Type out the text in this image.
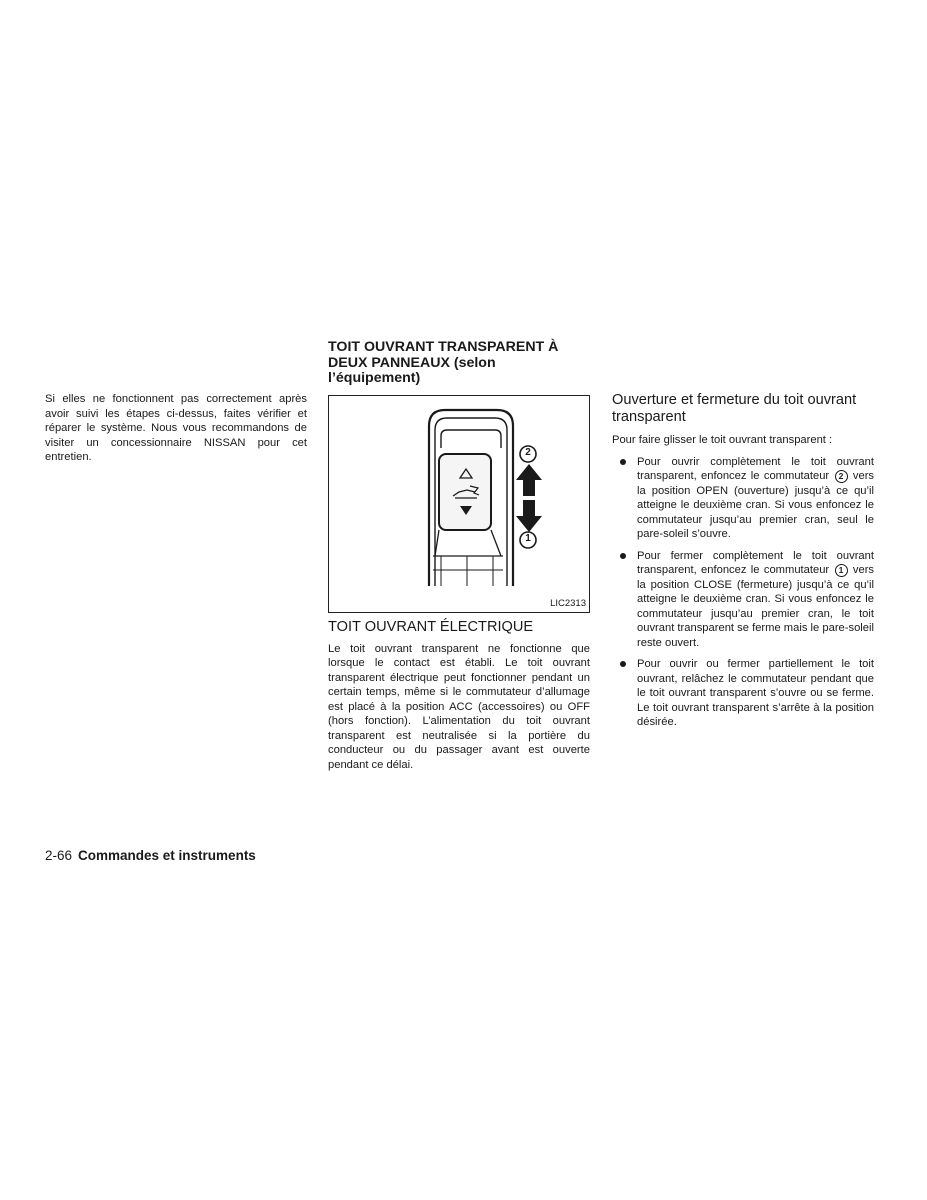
Si elles ne fonctionnent pas correctement après avoir suivi les étapes ci-dessus, faites vérifier et réparer le système. Nous vous recommandons de visiter un concessionnaire NISSAN pour cet entretien.

TOIT OUVRANT TRANSPARENT À
DEUX PANNEAUX (selon
l’équipement)
2
1
LIC2313
TOIT OUVRANT ÉLECTRIQUE

Le toit ouvrant transparent ne fonctionne que lorsque le contact est établi. Le toit ouvrant transparent électrique peut fonctionner pendant un certain temps, même si le commutateur d’allumage est placé à la position ACC (accessoires) ou OFF (hors fonction). L’alimentation du toit ouvrant transparent est neutralisée si la portière du conducteur ou du passager avant est ouverte pendant ce délai.

Ouverture et fermeture du toit ouvrant transparent

Pour faire glisser le toit ouvrant transparent :

Pour ouvrir complètement le toit ouvrant transparent, enfoncez le commutateur 2 vers la position OPEN (ouverture) jusqu’à ce qu’il atteigne le deuxième cran. Si vous enfoncez le commutateur jusqu’au premier cran, seul le pare-soleil s’ouvre.
Pour fermer complètement le toit ouvrant transparent, enfoncez le commutateur 1 vers la position CLOSE (fermeture) jusqu’à ce qu’il atteigne le deuxième cran. Si vous enfoncez le commutateur jusqu’au premier cran, le toit ouvrant transparent se ferme mais le pare-soleil reste ouvert.
Pour ouvrir ou fermer partiellement le toit ouvrant, relâchez le commutateur pendant que le toit ouvrant transparent s’ouvre ou se ferme. Le toit ouvrant transparent s’arrête à la position désirée.
2-66 Commandes et instruments
